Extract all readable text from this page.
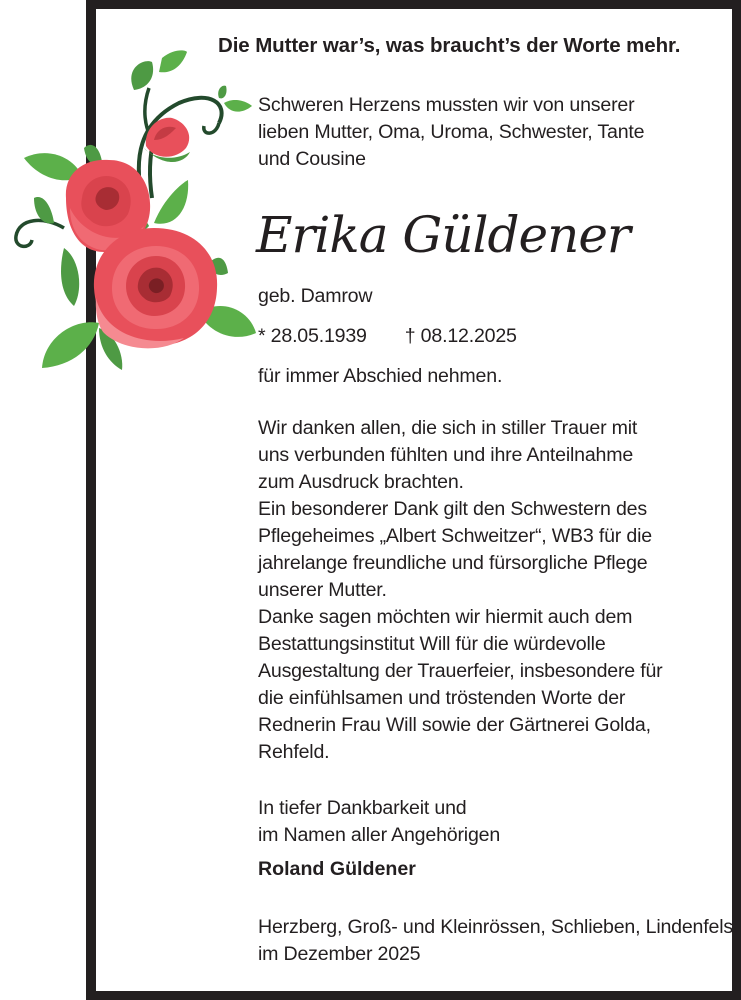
Die Mutter war’s, was braucht’s der Worte mehr.
Schweren Herzens mussten wir von unserer
lieben Mutter, Oma, Uroma, Schwester, Tante
und Cousine
Erika Güldener
geb. Damrow
* 28.05.1939 † 08.12.2025
für immer Abschied nehmen.
Wir danken allen, die sich in stiller Trauer mit
uns verbunden fühlten und ihre Anteilnahme
zum Ausdruck brachten.
Ein besonderer Dank gilt den Schwestern des
Pflegeheimes „Albert Schweitzer“, WB3 für die
jahrelange freundliche und fürsorgliche Pflege
unserer Mutter.
Danke sagen möchten wir hiermit auch dem
Bestattungsinstitut Will für die würdevolle
Ausgestaltung der Trauerfeier, insbesondere für
die einfühlsamen und tröstenden Worte der
Rednerin Frau Will sowie der Gärtnerei Golda,
Rehfeld.
In tiefer Dankbarkeit und
im Namen aller Angehörigen
Roland Güldener
Herzberg, Groß- und Kleinrössen, Schlieben, Lindenfels,
im Dezember 2025
